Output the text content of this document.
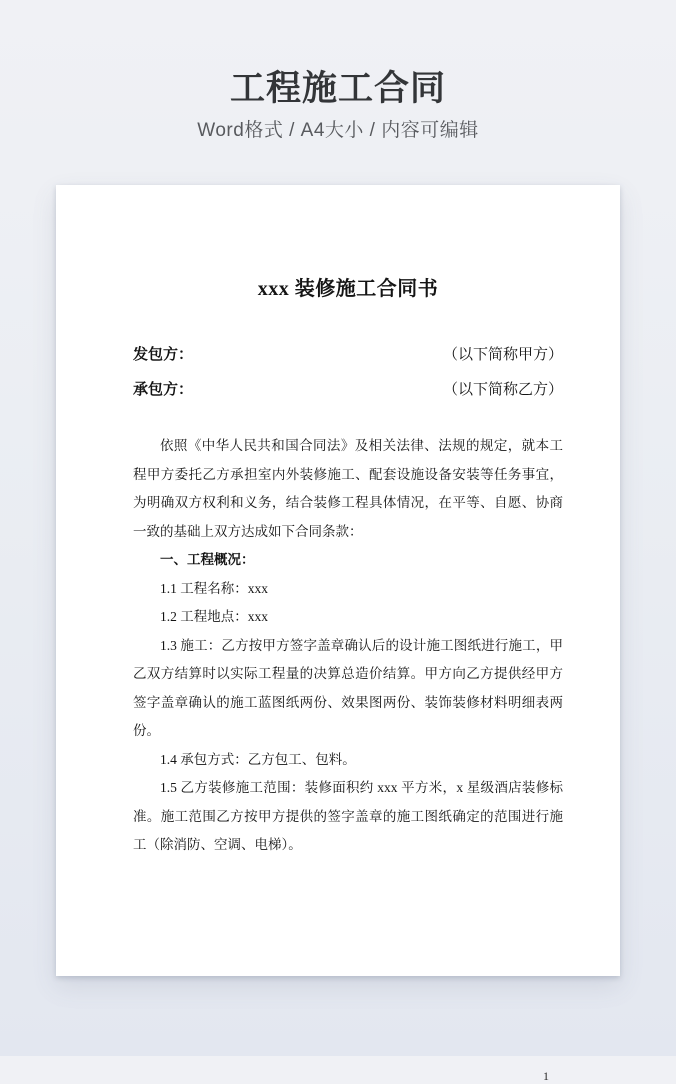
工程施工合同
Word格式 / A4大小 / 内容可编辑
xxx 装修施工合同书
发包方：	（以下简称甲方）
承包方：	（以下简称乙方）

依照《中华人民共和国合同法》及相关法律、法规的规定，就本工程甲方委托乙方承担室内外装修施工、配套设施设备安装等任务事宜，为明确双方权利和义务，结合装修工程具体情况，在平等、自愿、协商一致的基础上双方达成如下合同条款：

一、工程概况：

1.1 工程名称：xxx

1.2 工程地点：xxx

1.3 施工：乙方按甲方签字盖章确认后的设计施工图纸进行施工，甲乙双方结算时以实际工程量的决算总造价结算。甲方向乙方提供经甲方签字盖章确认的施工蓝图纸两份、效果图两份、装饰装修材料明细表两份。

1.4 承包方式：乙方包工、包料。

1.5 乙方装修施工范围：装修面积约 xxx 平方米，x 星级酒店装修标准。施工范围乙方按甲方提供的签字盖章的施工图纸确定的范围进行施工（除消防、空调、电梯）。

1
